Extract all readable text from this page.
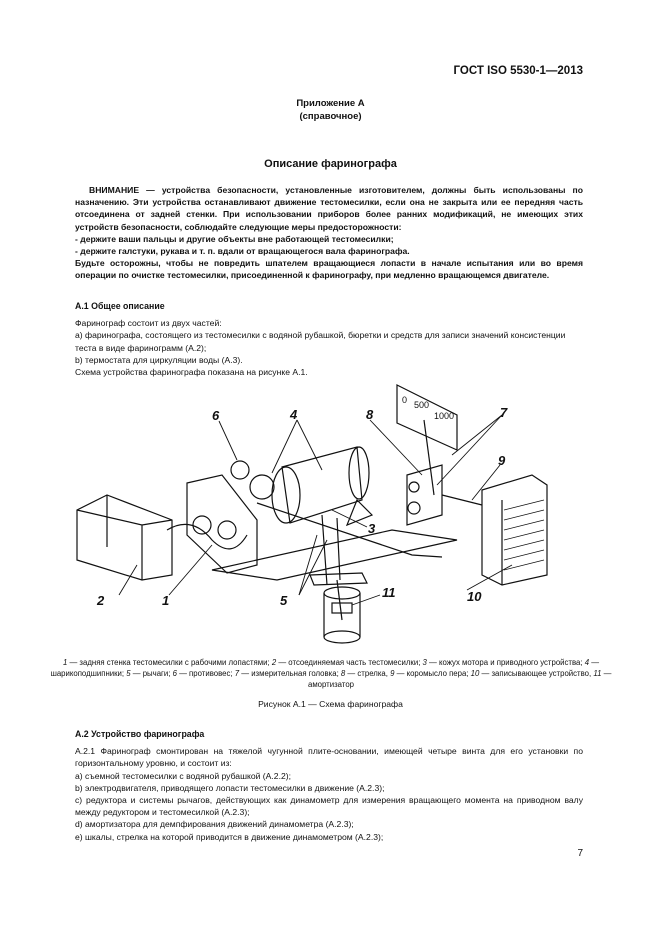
ГОСТ ISO 5530-1—2013
Приложение А
(справочное)
Описание фаринографа

ВНИМАНИЕ — устройства безопасности, установленные изготовителем, должны быть использованы по назначению. Эти устройства останавливают движение тестомесилки, если она не закрыта или ее передняя часть отсоединена от задней стенки. При использовании приборов более ранних модификаций, не имеющих этих устройств безопасности, соблюдайте следующие меры предосторожности:

- держите ваши пальцы и другие объекты вне работающей тестомесилки;

- держите галстуки, рукава и т. п. вдали от вращающегося вала фаринографа.

Будьте осторожны, чтобы не повредить шпателем вращающиеся лопасти в начале испытания или во время операции по очистке тестомесилки, присоединенной к фаринографу, при медленно вращающемся двигателе.

А.1 Общее описание

Фаринограф состоит из двух частей:

a) фаринографа, состоящего из тестомесилки с водяной рубашкой, бюретки и средств для записи значений консистенции теста в виде фаринограмм (А.2);

b) термостата для циркуляции воды (А.3).

Схема устройства фаринографа показана на рисунке А.1.

0 500
1000
1
2
3
4
5
6	7
8
9
10
11
1 — задняя стенка тестомесилки с рабочими лопастями; 2 — отсоединяемая часть тестомесилки; 3 — кожух мотора и приводного устройства; 4 — шарикоподшипники; 5 — рычаги; 6 — противовес; 7 — измерительная головка; 8 — стрелка, 9 — коромысло пера; 10 — записывающее устройство, 11 — амортизатор
Рисунок А.1 — Схема фаринографа
А.2 Устройство фаринографа

А.2.1 Фаринограф смонтирован на тяжелой чугунной плите-основании, имеющей четыре винта для его установки по горизонтальному уровню, и состоит из:

a) съемной тестомесилки с водяной рубашкой (А.2.2);

b) электродвигателя, приводящего лопасти тестомесилки в движение (А.2.3);

c) редуктора и системы рычагов, действующих как динамометр для измерения вращающего момента на приводном валу между редуктором и тестомесилкой (А.2.3);

d) амортизатора для демпфирования движений динамометра (А.2.3);

e) шкалы, стрелка на которой приводится в движение динамометром (А.2.3);

7
